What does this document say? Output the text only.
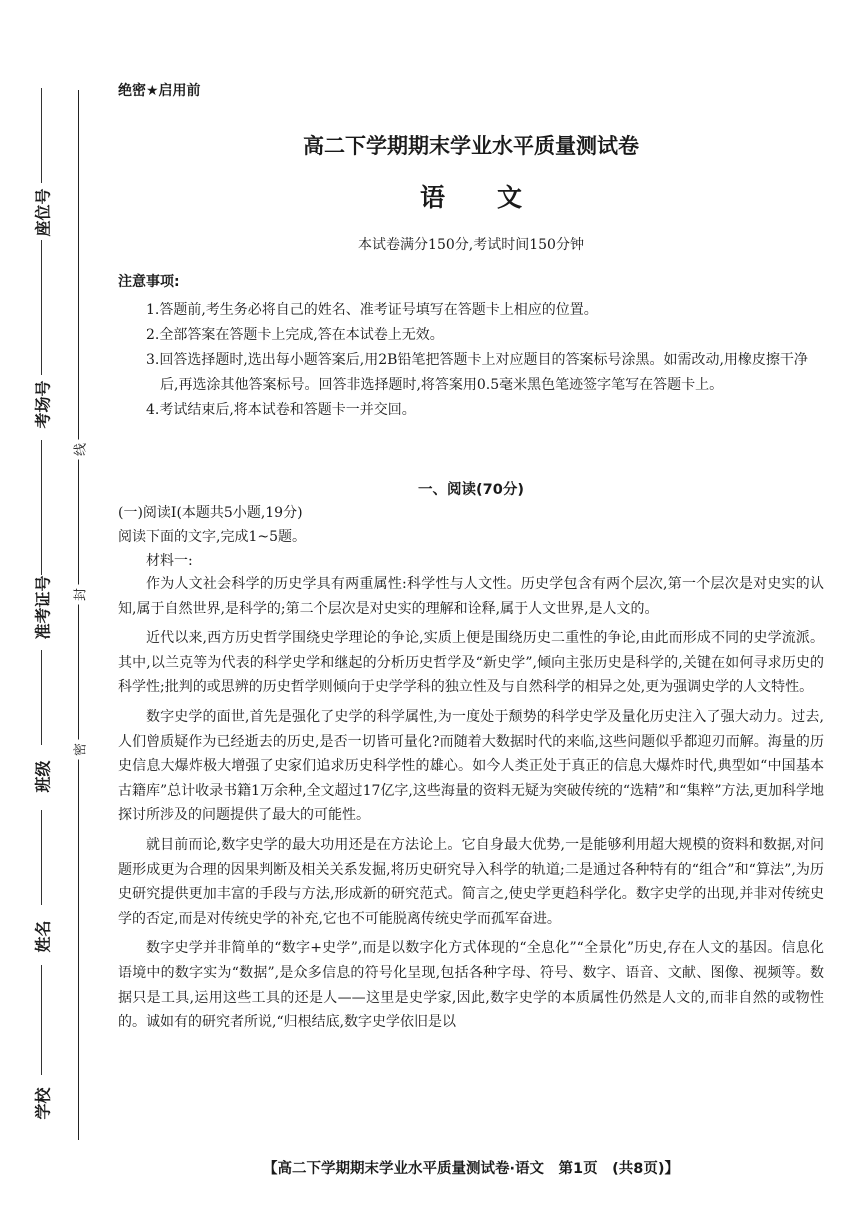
座位号
考场号
准考证号
班级
姓名
学校
线
封
密
绝密★启用前
高二下学期期末学业水平质量测试卷
语文
本试卷满分150分,考试时间150分钟
注意事项:
1.答题前,考生务必将自己的姓名、准考证号填写在答题卡上相应的位置。
2.全部答案在答题卡上完成,答在本试卷上无效。
3.回答选择题时,选出每小题答案后,用2B铅笔把答题卡上对应题目的答案标号涂黑。如需改动,用橡皮擦干净后,再选涂其他答案标号。回答非选择题时,将答案用0.5毫米黑色笔迹签字笔写在答题卡上。
4.考试结束后,将本试卷和答题卡一并交回。
一、阅读(70分)
(一)阅读Ⅰ(本题共5小题,19分)
阅读下面的文字,完成1~5题。
材料一:

作为人文社会科学的历史学具有两重属性:科学性与人文性。历史学包含有两个层次,第一个层次是对史实的认知,属于自然世界,是科学的;第二个层次是对史实的理解和诠释,属于人文世界,是人文的。

近代以来,西方历史哲学围绕史学理论的争论,实质上便是围绕历史二重性的争论,由此而形成不同的史学流派。其中,以兰克等为代表的科学史学和继起的分析历史哲学及“新史学”,倾向主张历史是科学的,关键在如何寻求历史的科学性;批判的或思辨的历史哲学则倾向于史学学科的独立性及与自然科学的相异之处,更为强调史学的人文特性。

数字史学的面世,首先是强化了史学的科学属性,为一度处于颓势的科学史学及量化历史注入了强大动力。过去,人们曾质疑作为已经逝去的历史,是否一切皆可量化?而随着大数据时代的来临,这些问题似乎都迎刃而解。海量的历史信息大爆炸极大增强了史家们追求历史科学性的雄心。如今人类正处于真正的信息大爆炸时代,典型如“中国基本古籍库”总计收录书籍1万余种,全文超过17亿字,这些海量的资料无疑为突破传统的“选精”和“集粹”方法,更加科学地探讨所涉及的问题提供了最大的可能性。

就目前而论,数字史学的最大功用还是在方法论上。它自身最大优势,一是能够利用超大规模的资料和数据,对问题形成更为合理的因果判断及相关关系发掘,将历史研究导入科学的轨道;二是通过各种特有的“组合”和“算法”,为历史研究提供更加丰富的手段与方法,形成新的研究范式。简言之,使史学更趋科学化。数字史学的出现,并非对传统史学的否定,而是对传统史学的补充,它也不可能脱离传统史学而孤军奋进。

数字史学并非简单的“数字+史学”,而是以数字化方式体现的“全息化”“全景化”历史,存在人文的基因。信息化语境中的数字实为“数据”,是众多信息的符号化呈现,包括各种字母、符号、数字、语音、文献、图像、视频等。数据只是工具,运用这些工具的还是人——这里是史学家,因此,数字史学的本质属性仍然是人文的,而非自然的或物性的。诚如有的研究者所说,“归根结底,数字史学依旧是以

【高二下学期期末学业水平质量测试卷·语文　第1页　(共8页)】
